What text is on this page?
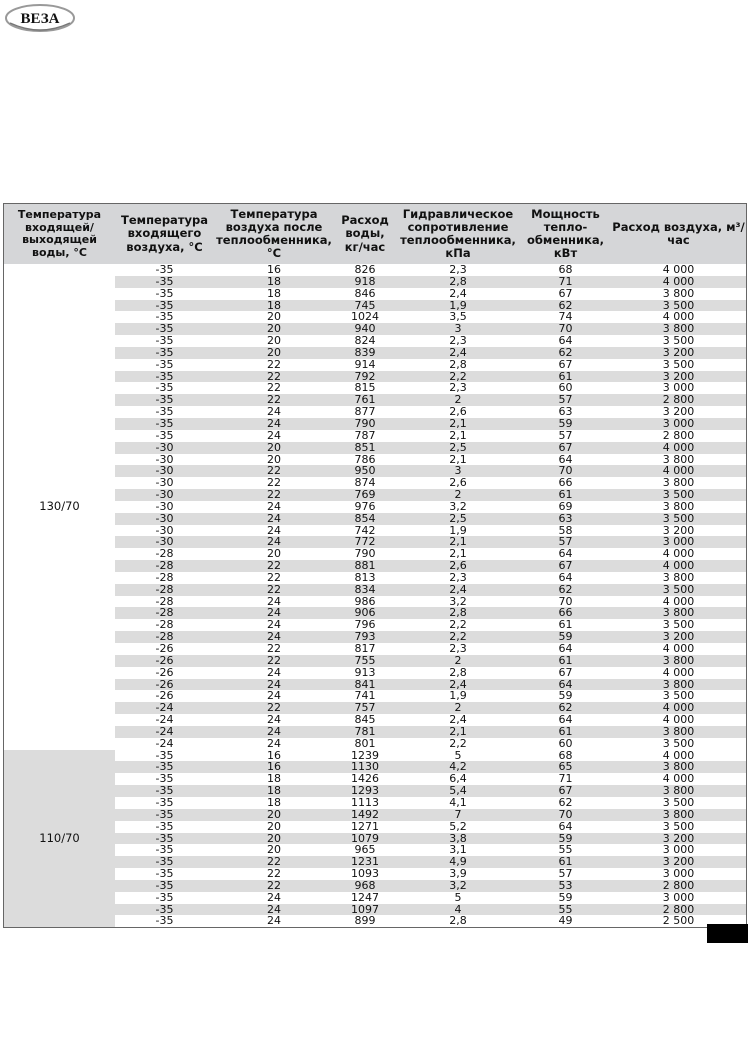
ВЕЗА
Температура входящей/ выходящей воды, °С	Температура входящего воздуха, °С	Температура воздуха после теплообменника, °С	Расход воды, кг/час	Гидравлическое сопротивление теплообменника, кПа	Мощность тепло- обменника, кВт	Расход воздуха, м³/час
130/70	-35	16	826	2,3	68	4 000
	-35	18	918	2,8	71	4 000
	-35	18	846	2,4	67	3 800
	-35	18	745	1,9	62	3 500
	-35	20	1024	3,5	74	4 000
	-35	20	940	3	70	3 800
	-35	20	824	2,3	64	3 500
	-35	20	839	2,4	62	3 200
	-35	22	914	2,8	67	3 500
	-35	22	792	2,2	61	3 200
	-35	22	815	2,3	60	3 000
	-35	22	761	2	57	2 800
	-35	24	877	2,6	63	3 200
	-35	24	790	2,1	59	3 000
	-35	24	787	2,1	57	2 800
	-30	20	851	2,5	67	4 000
	-30	20	786	2,1	64	3 800
	-30	22	950	3	70	4 000
	-30	22	874	2,6	66	3 800
	-30	22	769	2	61	3 500
	-30	24	976	3,2	69	3 800
	-30	24	854	2,5	63	3 500
	-30	24	742	1,9	58	3 200
	-30	24	772	2,1	57	3 000
	-28	20	790	2,1	64	4 000
	-28	22	881	2,6	67	4 000
	-28	22	813	2,3	64	3 800
	-28	22	834	2,4	62	3 500
	-28	24	986	3,2	70	4 000
	-28	24	906	2,8	66	3 800
	-28	24	796	2,2	61	3 500
	-28	24	793	2,2	59	3 200
	-26	22	817	2,3	64	4 000
	-26	22	755	2	61	3 800
	-26	24	913	2,8	67	4 000
	-26	24	841	2,4	64	3 800
	-26	24	741	1,9	59	3 500
	-24	22	757	2	62	4 000
	-24	24	845	2,4	64	4 000
	-24	24	781	2,1	61	3 800
	-24	24	801	2,2	60	3 500
110/70	-35	16	1239	5	68	4 000
	-35	16	1130	4,2	65	3 800
	-35	18	1426	6,4	71	4 000
	-35	18	1293	5,4	67	3 800
	-35	18	1113	4,1	62	3 500
	-35	20	1492	7	70	3 800
	-35	20	1271	5,2	64	3 500
	-35	20	1079	3,8	59	3 200
	-35	20	965	3,1	55	3 000
	-35	22	1231	4,9	61	3 200
	-35	22	1093	3,9	57	3 000
	-35	22	968	3,2	53	2 800
	-35	24	1247	5	59	3 000
	-35	24	1097	4	55	2 800
	-35	24	899	2,8	49	2 500
